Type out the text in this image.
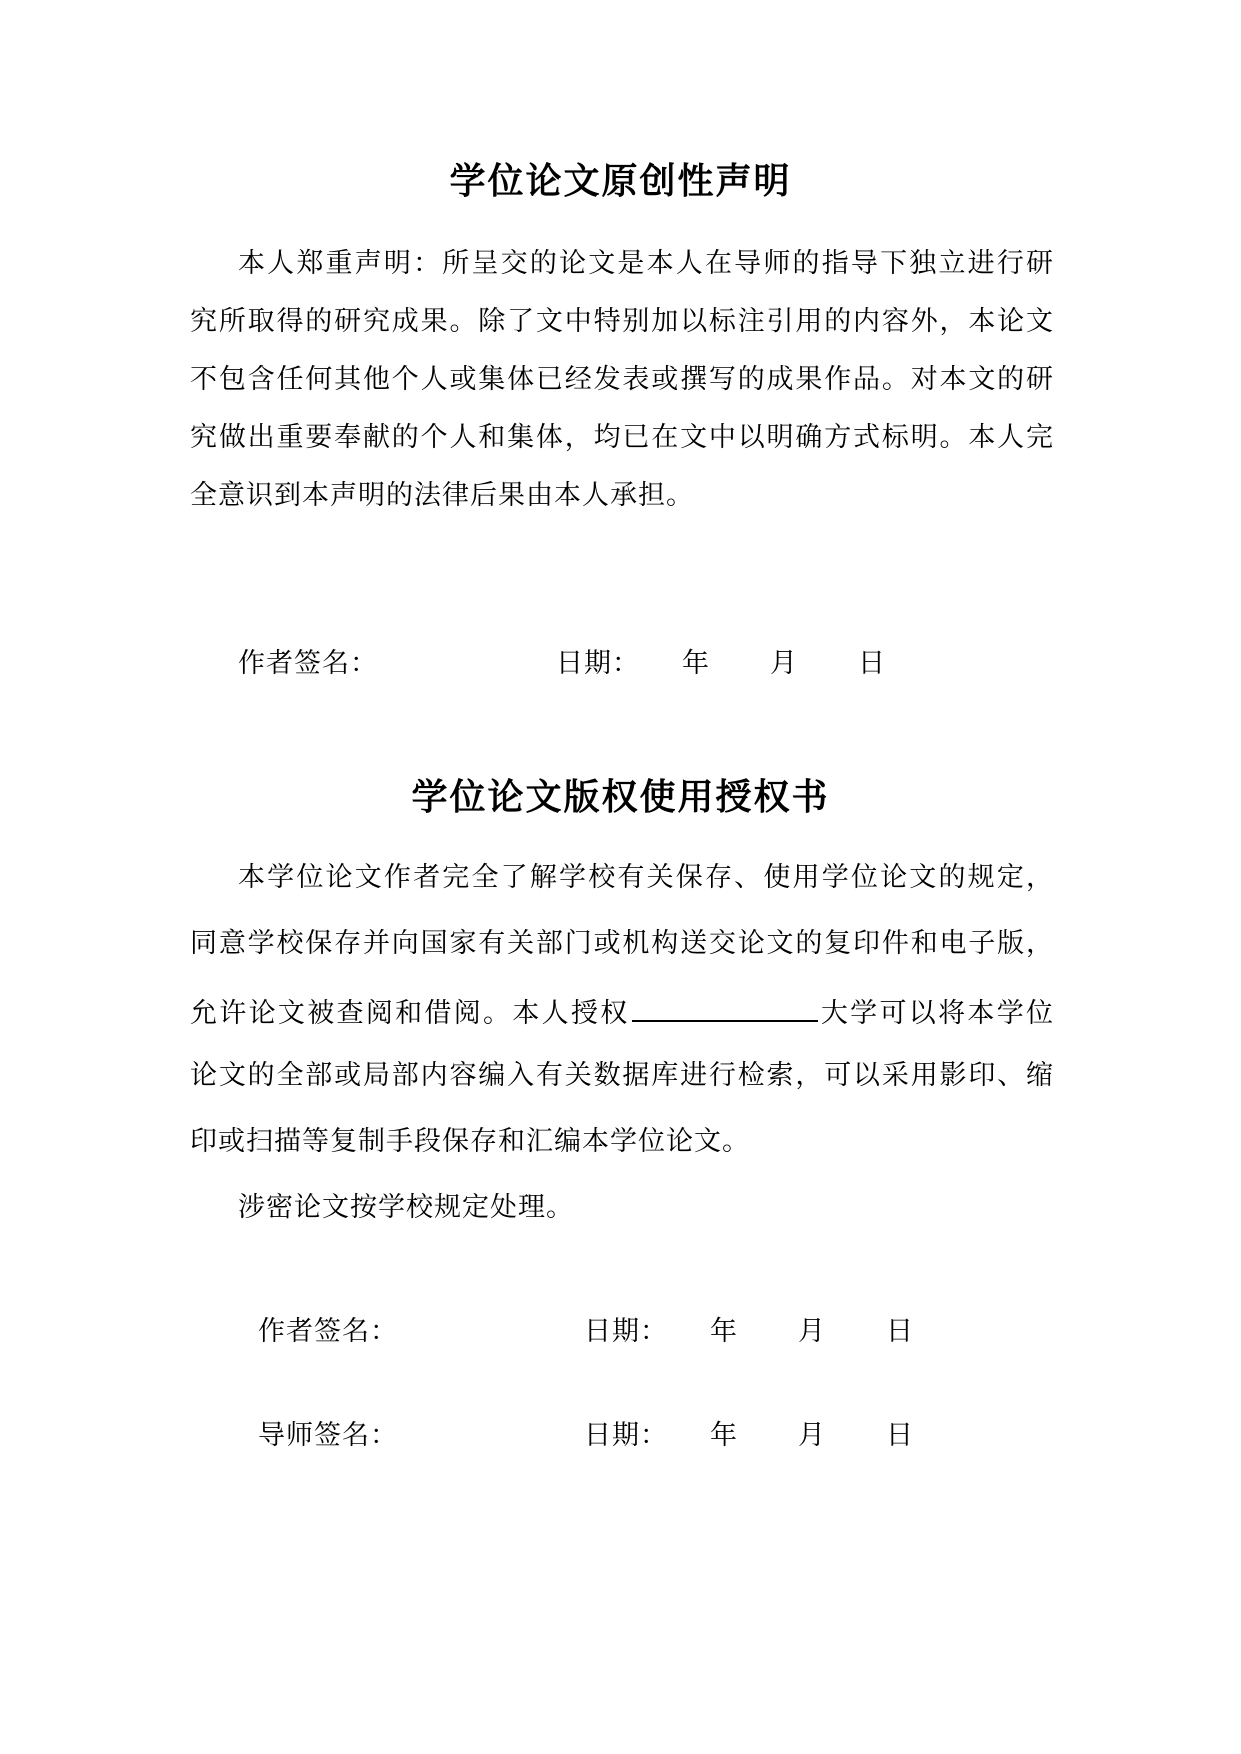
学位论文原创性声明
本人郑重声明：所呈交的论文是本人在导师的指导下独立进行研
究所取得的研究成果。除了文中特别加以标注引用的内容外，本论文
不包含任何其他个人或集体已经发表或撰写的成果作品。对本文的研
究做出重要奉献的个人和集体，均已在文中以明确方式标明。本人完
全意识到本声明的法律后果由本人承担。
作者签名：	日期： 年 月 日
学位论文版权使用授权书
本学位论文作者完全了解学校有关保存、使用学位论文的规定，
同意学校保存并向国家有关部门或机构送交论文的复印件和电子版，
允许论文被查阅和借阅。本人授权	大学可以将本学位
论文的全部或局部内容编入有关数据库进行检索，可以采用影印、缩
印或扫描等复制手段保存和汇编本学位论文。
涉密论文按学校规定处理。
作者签名：	日期： 年 月 日
导师签名：	日期： 年 月 日
